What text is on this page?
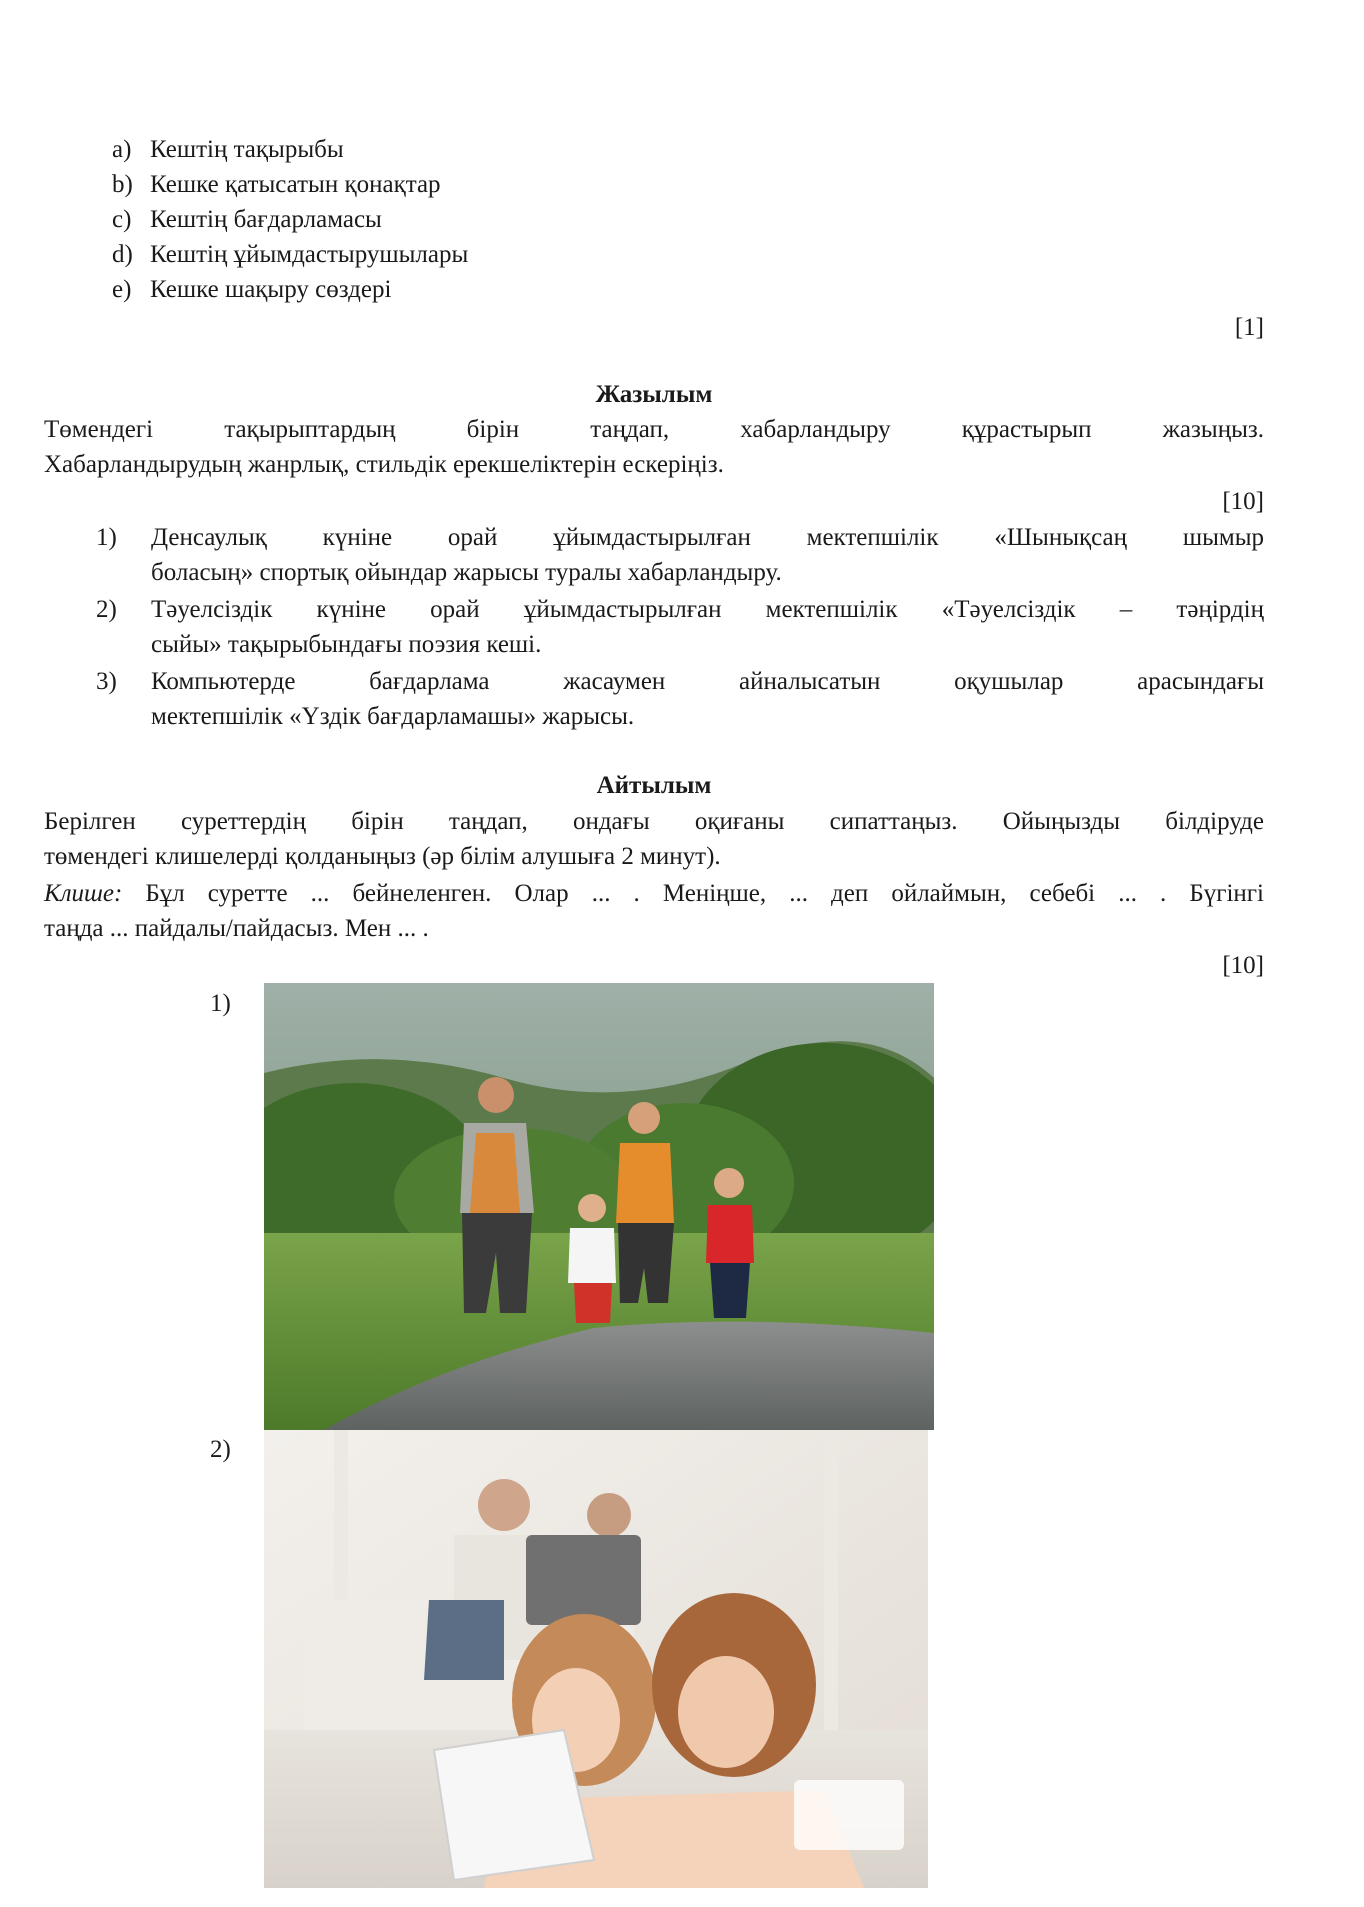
a) Кештің тақырыбы
b) Кешке қатысатын қонақтар
c) Кештің бағдарламасы
d) Кештің ұйымдастырушылары
e) Кешке шақыру сөздері
[1]
Жазылым
Төмендегі тақырыптардың бірін таңдап, хабарландыру құрастырып жазыңыз.
Хабарландырудың жанрлық, стильдік ерекшеліктерін ескеріңіз.
[10]
1) Денсаулық күніне орай ұйымдастырылған мектепшілік «Шынықсаң шымыр
боласың» спортық ойындар жарысы туралы хабарландыру.
2) Тәуелсіздік күніне орай ұйымдастырылған мектепшілік «Тәуелсіздік – тәңірдің
сыйы» тақырыбындағы поэзия кеші.
3) Компьютерде бағдарлама жасаумен айналысатын оқушылар арасындағы
мектепшілік «Үздік бағдарламашы» жарысы.
Айтылым
Берілген суреттердің бірін таңдап, ондағы оқиғаны сипаттаңыз. Ойыңызды білдіруде
төмендегі клишелерді қолданыңыз (әр білім алушыға 2 минут).
Клише: Бұл суретте ... бейнеленген. Олар ... . Меніңше, ... деп ойлаймын, себебі ... . Бүгінгі
таңда ... пайдалы/пайдасыз. Мен ... .
[10]
1)
2)
